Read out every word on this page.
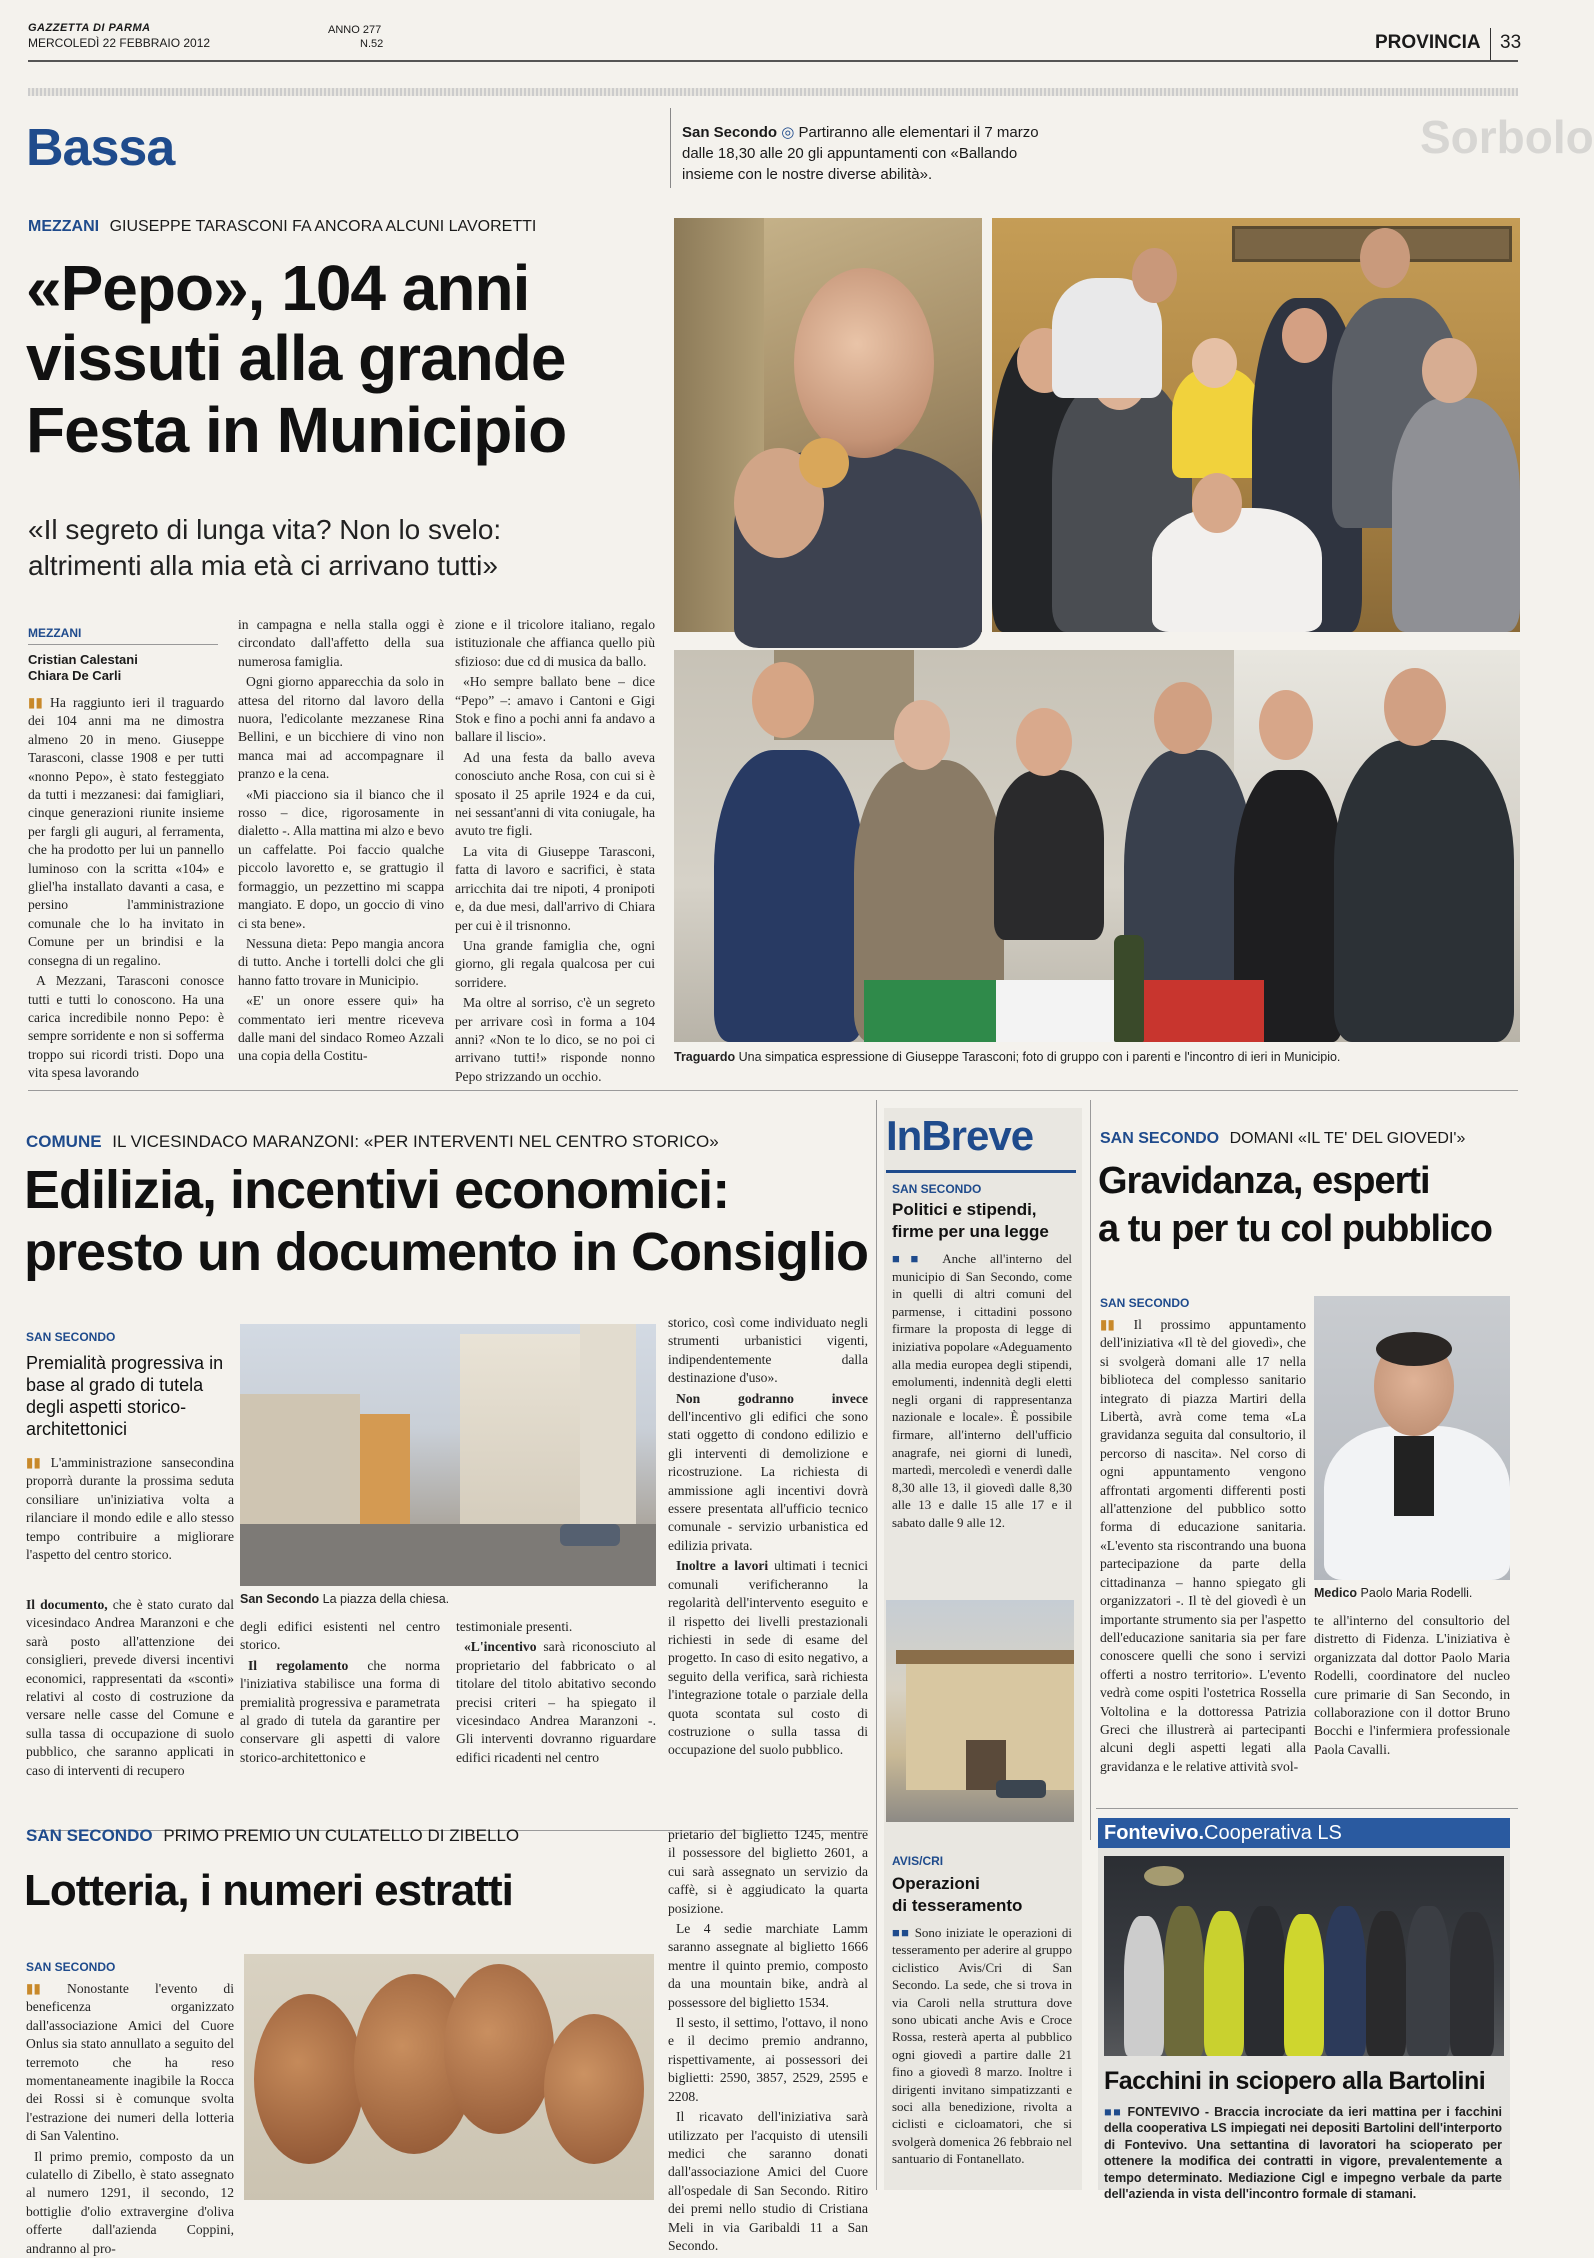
GAZZETTA DI PARMA
MERCOLEDÌ 22 FEBBRAIO 2012
ANNO 277
N.52	PROVINCIA 33
Bassa	San Secondo ◎ Partiranno alle elementari il 7 marzo dalle 18,30 alle 20 gli appuntamenti con «Ballando insieme con le nostre diverse abilità».
Sorbolo
MEZZANI GIUSEPPE TARASCONI FA ANCORA ALCUNI LAVORETTI
«Pepo», 104 anni
vissuti alla grande
Festa in Municipio
«Il segreto di lunga vita? Non lo svelo:
altrimenti alla mia età ci arrivano tutti»
MEZZANI
Cristian Calestani
Chiara De Carli

▮▮ Ha raggiunto ieri il traguardo dei 104 anni ma ne dimostra almeno 20 in meno. Giuseppe Tarasconi, classe 1908 e per tutti «nonno Pepo», è stato festeggiato da tutti i mezzanesi: dai famigliari, cinque generazioni riunite insieme per fargli gli auguri, al ferramenta, che ha prodotto per lui un pannello luminoso con la scritta «104» e gliel'ha installato davanti a casa, e persino l'amministrazione comunale che lo ha invitato in Comune per un brindisi e la consegna di un regalino.

A Mezzani, Tarasconi conosce tutti e tutti lo conoscono. Ha una carica incredibile nonno Pepo: è sempre sorridente e non si sofferma troppo sui ricordi tristi. Dopo una vita spesa lavorando

in campagna e nella stalla oggi è circondato dall'affetto della sua numerosa famiglia.

Ogni giorno apparecchia da solo in attesa del ritorno dal lavoro della nuora, l'edicolante mezzanese Rina Bellini, e un bicchiere di vino non manca mai ad accompagnare il pranzo e la cena.

«Mi piacciono sia il bianco che il rosso – dice, rigorosamente in dialetto -. Alla mattina mi alzo e bevo un caffelatte. Poi faccio qualche piccolo lavoretto e, se grattugio il formaggio, un pezzettino mi scappa mangiato. E dopo, un goccio di vino ci sta bene».

Nessuna dieta: Pepo mangia ancora di tutto. Anche i tortelli dolci che gli hanno fatto trovare in Municipio.

«E' un onore essere qui» ha commentato ieri mentre riceveva dalle mani del sindaco Romeo Azzali una copia della Costitu-

zione e il tricolore italiano, regalo istituzionale che affianca quello più sfizioso: due cd di musica da ballo.

«Ho sempre ballato bene – dice “Pepo” –: amavo i Cantoni e Gigi Stok e fino a pochi anni fa andavo a ballare il liscio».

Ad una festa da ballo aveva conosciuto anche Rosa, con cui si è sposato il 25 aprile 1924 e da cui, nei sessant'anni di vita coniugale, ha avuto tre figli.

La vita di Giuseppe Tarasconi, fatta di lavoro e sacrifici, è stata arricchita dai tre nipoti, 4 pronipoti e, da due mesi, dall'arrivo di Chiara per cui è il trisnonno.

Una grande famiglia che, ogni giorno, gli regala qualcosa per cui sorridere.

Ma oltre al sorriso, c'è un segreto per arrivare così in forma a 104 anni? «Non te lo dico, se no poi ci arrivano tutti!» risponde nonno Pepo strizzando un occhio.

Traguardo Una simpatica espressione di Giuseppe Tarasconi; foto di gruppo con i parenti e l'incontro di ieri in Municipio.
COMUNE IL VICESINDACO MARANZONI: «PER INTERVENTI NEL CENTRO STORICO»
Edilizia, incentivi economici:
presto un documento in Consiglio
SAN SECONDO
Premialità progressiva in base al grado di tutela degli aspetti storico-architettonici

▮▮ L'amministrazione sansecondina proporrà durante la prossima seduta consiliare un'iniziativa volta a rilanciare il mondo edile e allo stesso tempo contribuire a migliorare l'aspetto del centro storico.

Il documento, che è stato curato dal vicesindaco Andrea Maranzoni e che sarà posto all'attenzione dei consiglieri, prevede diversi incentivi economici, rappresentati da «sconti» relativi al costo di costruzione da versare nelle casse del Comune e sulla tassa di occupazione di suolo pubblico, che saranno applicati in caso di interventi di recupero

San Secondo La piazza della chiesa.

degli edifici esistenti nel centro storico.

Il regolamento che norma l'iniziativa stabilisce una forma di premialità progressiva e parametrata al grado di tutela da garantire per conservare gli aspetti di valore storico-architettonico e

testimoniale presenti.

«L'incentivo sarà riconosciuto al proprietario del fabbricato o al titolare del titolo abitativo secondo precisi criteri – ha spiegato il vicesindaco Andrea Maranzoni -. Gli interventi dovranno riguardare edifici ricadenti nel centro

storico, così come individuato negli strumenti urbanistici vigenti, indipendentemente dalla destinazione d'uso».

Non godranno invece dell'incentivo gli edifici che sono stati oggetto di condono edilizio e gli interventi di demolizione e ricostruzione. La richiesta di ammissione agli incentivi dovrà essere presentata all'ufficio tecnico comunale - servizio urbanistica ed edilizia privata.

Inoltre a lavori ultimati i tecnici comunali verificheranno la regolarità dell'intervento eseguito e il rispetto dei livelli prestazionali richiesti in sede di esame del progetto. In caso di esito negativo, a seguito della verifica, sarà richiesta l'integrazione totale o parziale della quota scontata sul costo di costruzione o sulla tassa di occupazione del suolo pubblico.

InBreve
SAN SECONDO
Politici e stipendi,
firme per una legge

■■ Anche all'interno del municipio di San Secondo, come in quelli di altri comuni del parmense, i cittadini possono firmare la proposta di legge di iniziativa popolare «Adeguamento alla media europea degli stipendi, emolumenti, indennità degli eletti negli organi di rappresentanza nazionale e locale». È possibile firmare, all'interno dell'ufficio anagrafe, nei giorni di lunedì, martedì, mercoledì e venerdì dalle 8,30 alle 13, il giovedì dalle 8,30 alle 13 e dalle 15 alle 17 e il sabato dalle 9 alle 12.

AVIS/CRI
Operazioni
di tesseramento

■■ Sono iniziate le operazioni di tesseramento per aderire al gruppo ciclistico Avis/Cri di San Secondo. La sede, che si trova in via Caroli nella struttura dove sono ubicati anche Avis e Croce Rossa, resterà aperta al pubblico ogni giovedì a partire dalle 21 fino a giovedì 8 marzo. Inoltre i dirigenti invitano simpatizzanti e soci alla benedizione, rivolta a ciclisti e cicloamatori, che si svolgerà domenica 26 febbraio nel santuario di Fontanellato.

SAN SECONDO DOMANI «IL TE' DEL GIOVEDI'»
Gravidanza, esperti
a tu per tu col pubblico
SAN SECONDO

▮▮ Il prossimo appuntamento dell'iniziativa «Il tè del giovedì», che si svolgerà domani alle 17 nella biblioteca del complesso sanitario integrato di piazza Martiri della Libertà, avrà come tema «La gravidanza seguita dal consultorio, il percorso di nascita». Nel corso di ogni appuntamento vengono affrontati argomenti differenti posti all'attenzione del pubblico sotto forma di educazione sanitaria. «L'evento sta riscontrando una buona partecipazione da parte della cittadinanza – hanno spiegato gli organizzatori -. Il tè del giovedì è un importante strumento sia per l'aspetto dell'educazione sanitaria sia per fare conoscere quelli che sono i servizi offerti a nostro territorio». L'evento vedrà come ospiti l'ostetrica Rossella Voltolina e la dottoressa Patrizia Greci che illustrerà ai partecipanti alcuni degli aspetti legati alla gravidanza e le relative attività svol-

Medico Paolo Maria Rodelli.

te all'interno del consultorio del distretto di Fidenza. L'iniziativa è organizzata dal dottor Paolo Maria Rodelli, coordinatore del nucleo cure primarie di San Secondo, in collaborazione con il dottor Bruno Bocchi e l'infermiera professionale Paola Cavalli.

SAN SECONDO PRIMO PREMIO UN CULATELLO DI ZIBELLO
Lotteria, i numeri estratti
SAN SECONDO

▮▮ Nonostante l'evento di beneficenza organizzato dall'associazione Amici del Cuore Onlus sia stato annullato a seguito del terremoto che ha reso momentaneamente inagibile la Rocca dei Rossi si è comunque svolta l'estrazione dei numeri della lotteria di San Valentino.

Il primo premio, composto da un culatello di Zibello, è stato assegnato al numero 1291, il secondo, 12 bottiglie d'olio extravergine d'oliva offerte dall'azienda Coppini, andranno al pro-

prietario del biglietto 1245, mentre il possessore del biglietto 2601, a cui sarà assegnato un servizio da caffè, si è aggiudicato la quarta posizione.

Le 4 sedie marchiate Lamm saranno assegnate al biglietto 1666 mentre il quinto premio, composto da una mountain bike, andrà al possessore del biglietto 1534.

Il sesto, il settimo, l'ottavo, il nono e il decimo premio andranno, rispettivamente, ai possessori dei biglietti: 2590, 3857, 2529, 2595 e 2208.

Il ricavato dell'iniziativa sarà utilizzato per l'acquisto di utensili medici che saranno donati dall'associazione Amici del Cuore all'ospedale di San Secondo. Ritiro dei premi nello studio di Cristiana Meli in via Garibaldi 11 a San Secondo.

Fontevivo.Cooperativa LS
Facchini in sciopero alla Bartolini
■■ FONTEVIVO - Braccia incrociate da ieri mattina per i facchini della cooperativa LS impiegati nei depositi Bartolini dell'interporto di Fontevivo. Una settantina di lavoratori ha scioperato per ottenere la modifica dei contratti in vigore, prevalentemente a tempo determinato. Mediazione Cigl e impegno verbale da parte dell'azienda in vista dell'incontro formale di stamani.
